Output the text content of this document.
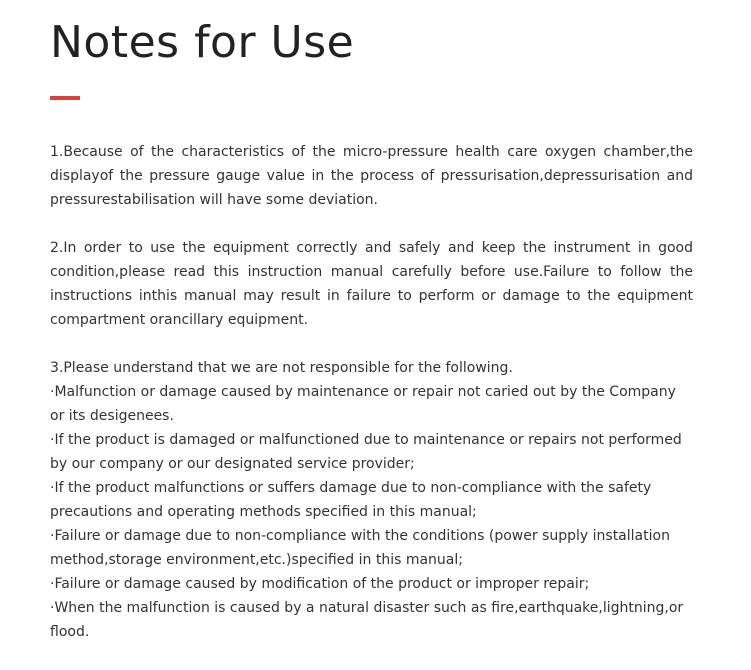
Notes for Use

1.Because of the characteristics of the micro-pressure health care oxygen chamber,the displayof the pressure gauge value in the process of pressurisation,depressurisation and pressurestabilisation will have some deviation.

2.In order to use the equipment correctly and safely and keep the instrument in good condition,please read this instruction manual carefully before use.Failure to follow the instructions inthis manual may result in failure to perform or damage to the equipment compartment orancillary equipment.

3.Please understand that we are not responsible for the following.
·Malfunction or damage caused by maintenance or repair not caried out by the Company or its desigenees.
·If the product is damaged or malfunctioned due to maintenance or repairs not performed by our company or our designated service provider;
·If the product malfunctions or suffers damage due to non-compliance with the safety precautions and operating methods specified in this manual;
·Failure or damage due to non-compliance with the conditions (power supply installation method,storage environment,etc.)specified in this manual;
·Failure or damage caused by modification of the product or improper repair;
·When the malfunction is caused by a natural disaster such as fire,earthquake,lightning,or flood.
